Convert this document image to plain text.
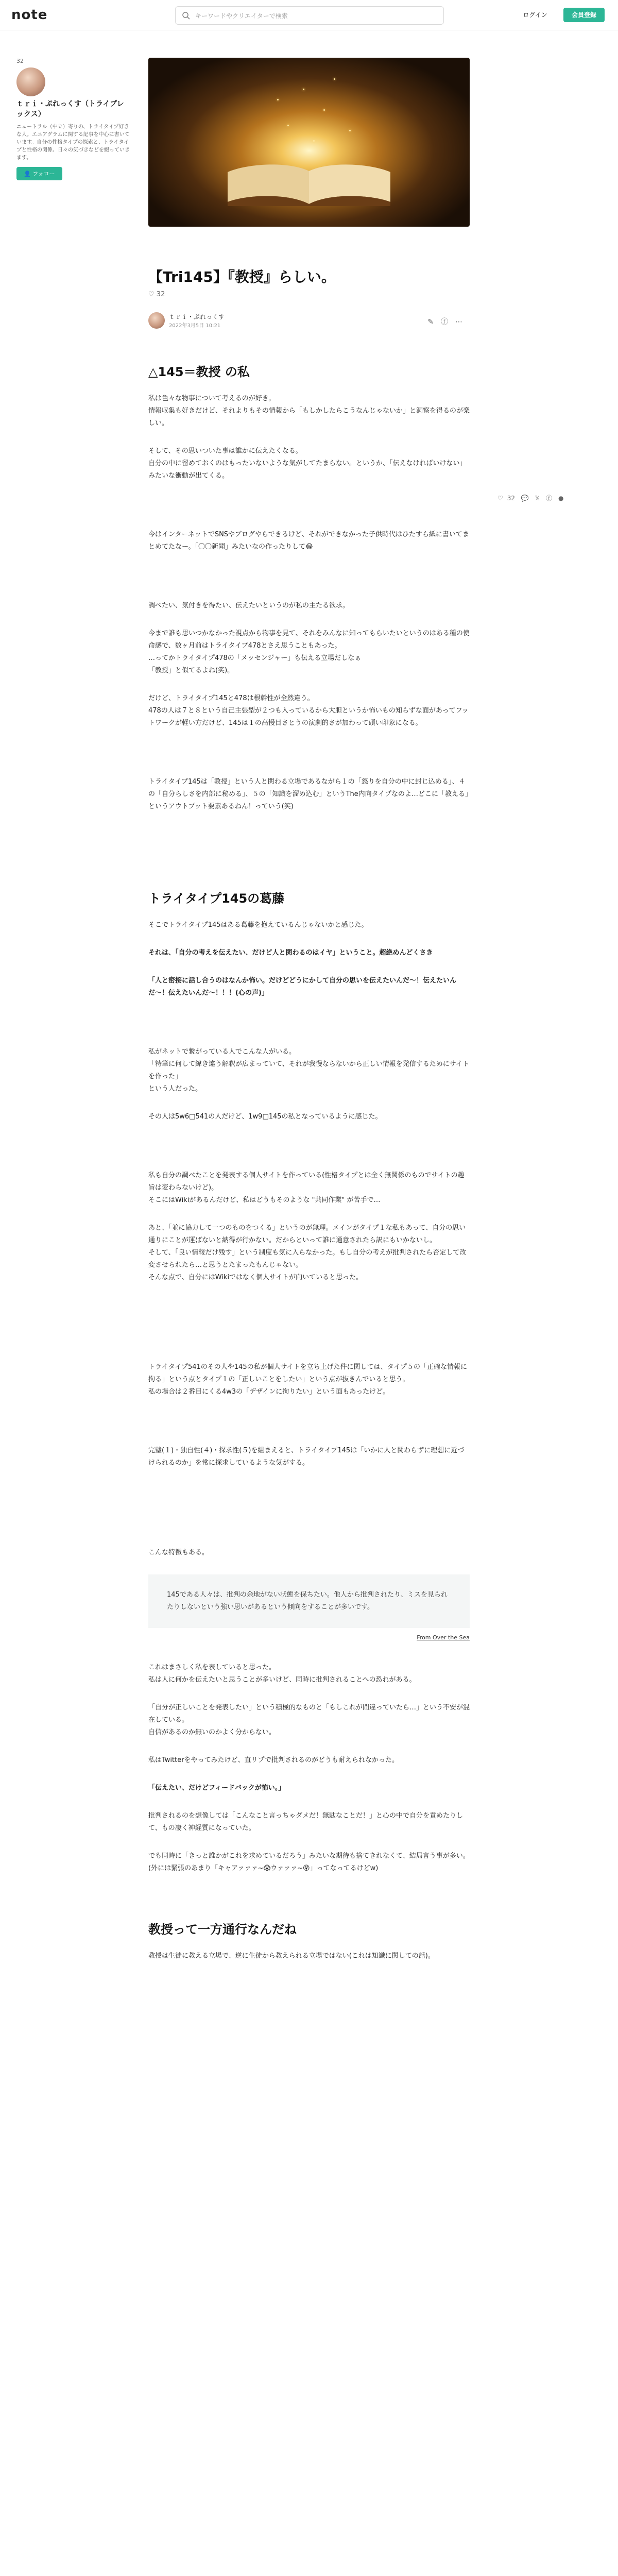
note	キーワードやクリエイターで検索	ログイン	会員登録
32
ｔｒｉ・ぷれっくす（トライプレックス）
ニュートラル（中立）寄りの、トライタイプ好きな人。エニアグラムに関する記事を中心に書いています。自分の性格タイプの探索と、トライタイプと性格の関係、日々の気づきなどを綴っていきます。
👤 フォロー
【Tri145】『教授』らしい。
♡ 32
ｔｒｉ・ぷれっくす
2022年3月5日 10:21	✎ⓕ⋯
♡ 32 💬 𝕏 ⓕ ●
△145＝教授 の私

私は色々な物事について考えるのが好き。
情報収集も好きだけど、それよりもその情報から「もしかしたらこうなんじゃないか」と洞察を得るのが楽しい。

そして、その思いついた事は誰かに伝えたくなる。
自分の中に留めておくのはもったいないような気がしてたまらない。というか、「伝えなければいけない」みたいな衝動が出てくる。

今はインターネットでSNSやブログやらできるけど、それができなかった子供時代はひたすら紙に書いてまとめてたなー。「〇〇新聞」みたいなの作ったりして😂

調べたい、気付きを得たい、伝えたいというのが私の主たる欲求。

今まで誰も思いつかなかった視点から物事を見て、それをみんなに知ってもらいたいというのはある種の使命感で、数ヶ月前はトライタイプ478とさえ思うこともあった。
…ってかトライタイプ478の「メッセンジャー」も伝える立場だしなぁ
「教授」と似てるよね(笑)。

だけど、トライタイプ145と478は根幹性が全然違う。
478の人は７と８という自己主張型が２つも入っているから大胆というか怖いもの知らずな面があってフットワークが軽い方だけど、145は１の高慢目さとうの演劇的さが加わって頭い印象になる。

トライタイプ145は「教授」という人と関わる立場であるながら１の「怒りを自分の中に封じ込める」、４の「自分らしさを内部に秘める」、５の「知識を溜め込む」というThe内向タイプなのよ…どこに「教える」というアウトプット要素あるねん！っていう(笑)

トライタイプ145の葛藤

そこでトライタイプ145はある葛藤を抱えているんじゃないかと感じた。

それは、「自分の考えを伝えたい、だけど人と関わるのはイヤ」ということ。超絶めんどくさき

「人と密接に話し合うのはなんか怖い。だけどどうにかして自分の思いを伝えたいんだ〜！伝えたいんだ〜！伝えたいんだ〜！！！(心の声)」

私がネットで繋がっている人でこんな人がいる。
「特筆に何して緯き違う解釈が広まっていて、それが我慢ならないから正しい情報を発信するためにサイトを作った」
という人だった。

その人は5w6□541の人だけど、1w9□145の私となっているように感じた。

私も自分の調べたことを発表する個人サイトを作っている(性格タイプとは全く無関係のものでサイトの趣旨は変わらないけど)。
そこにはWikiがあるんだけど、私はどうもそのような "共同作業" が苦手で…

あと、「並に協力して一つのものをつくる」というのが無理。メインがタイプ１な私もあって、自分の思い通りにことが運ばないと納得が行かない。だからといって誰に通意されたら訳にもいかないし。
そして、「良い情報だけ残す」という制度も気に入らなかった。もし自分の考えが批判されたら否定して改変させられたら…と思うとたまったもんじゃない。
そんな点で、自分にはWikiではなく個人サイトが向いていると思った。

トライタイプ541のその人や145の私が個人サイトを立ち上げた件に関しては、タイプ５の「正確な情報に拘る」という点とタイプ１の「正しいことをしたい」という点が抜きんでいると思う。
私の場合は２番目にくる4w3の「デザインに拘りたい」という面もあったけど。

完璧(１)・独自性(４)・探求性(５)を組まえると、トライタイプ145は「いかに人と関わらずに理想に近づけられるのか」を常に探求しているような気がする。

こんな特徴もある。

145である人々は、批判の余地がない状態を保ちたい。他人から批判されたり、ミスを見られたりしないという強い思いがあるという傾向をすることが多いです。
From Over the Sea

これはまさしく私を表していると思った。
私は人に何かを伝えたいと思うことが多いけど、同時に批判されることへの恐れがある。

「自分が正しいことを発表したい」という積極的なものと「もしこれが間違っていたら…」という不安が混在している。
自信があるのか無いのかよく分からない。

私はTwitterをやってみたけど、直リプで批判されるのがどうも耐えられなかった。

「伝えたい、だけどフィードバックが怖い。」

批判されるのを想像しては「こんなこと言っちゃダメだ！無駄なことだ！」と心の中で自分を責めたりして、もの凄く神経質になっていた。

でも同時に「きっと誰かがこれを求めているだろう」みたいな期待も捨てきれなくて、結局言う事が多い。(外には緊張のあまり「キャアァァァ~😱ウァァァ~😵」ってなってるけどw)

教授って一方通行なんだね

教授は生徒に教える立場で、逆に生徒から教えられる立場ではない(これは知識に関しての話)。
